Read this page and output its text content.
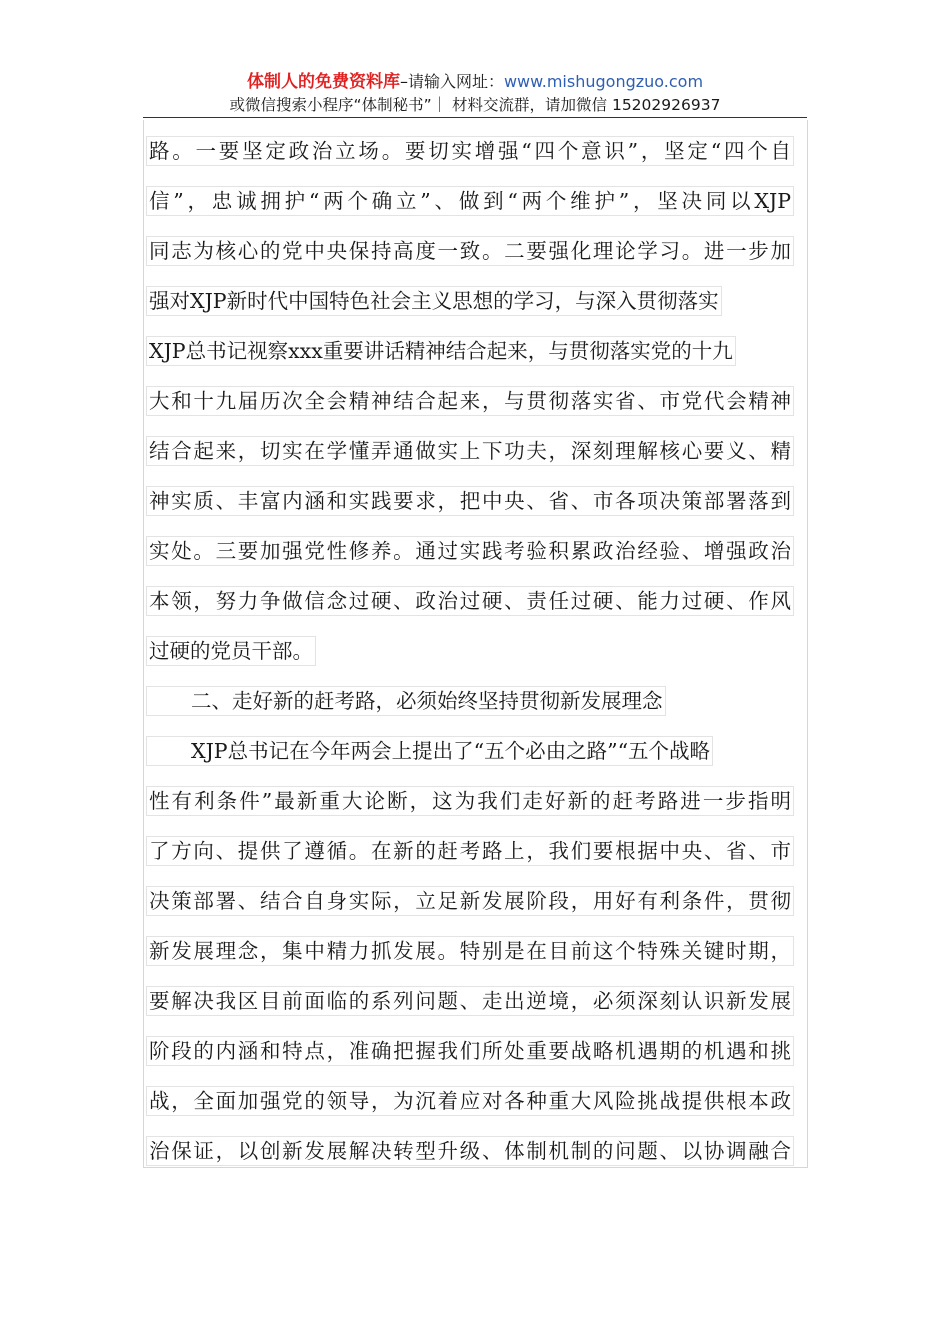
体制人的免费资料库–请输入网址：www.mishugongzuo.com
或微信搜索小程序“体制秘书”｜ 材料交流群，请加微信 15202926937
路。一要坚定政治立场。要切实增强“四个意识”，坚定“四个自
信”，忠诚拥护“两个确立”、做到“两个维护”，坚决同以XJP
同志为核心的党中央保持高度一致。二要强化理论学习。进一步加
强对XJP新时代中国特色社会主义思想的学习，与深入贯彻落实
XJP总书记视察xxx重要讲话精神结合起来，与贯彻落实党的十九
大和十九届历次全会精神结合起来，与贯彻落实省、市党代会精神
结合起来，切实在学懂弄通做实上下功夫，深刻理解核心要义、精
神实质、丰富内涵和实践要求，把中央、省、市各项决策部署落到
实处。三要加强党性修养。通过实践考验积累政治经验、增强政治
本领，努力争做信念过硬、政治过硬、责任过硬、能力过硬、作风
过硬的党员干部。
二、走好新的赶考路，必须始终坚持贯彻新发展理念
XJP总书记在今年两会上提出了“五个必由之路”“五个战略
性有利条件”最新重大论断，这为我们走好新的赶考路进一步指明
了方向、提供了遵循。在新的赶考路上，我们要根据中央、省、市
决策部署、结合自身实际，立足新发展阶段，用好有利条件，贯彻
新发展理念，集中精力抓发展。特别是在目前这个特殊关键时期，
要解决我区目前面临的系列问题、走出逆境，必须深刻认识新发展
阶段的内涵和特点，准确把握我们所处重要战略机遇期的机遇和挑
战，全面加强党的领导，为沉着应对各种重大风险挑战提供根本政
治保证，以创新发展解决转型升级、体制机制的问题、以协调融合
